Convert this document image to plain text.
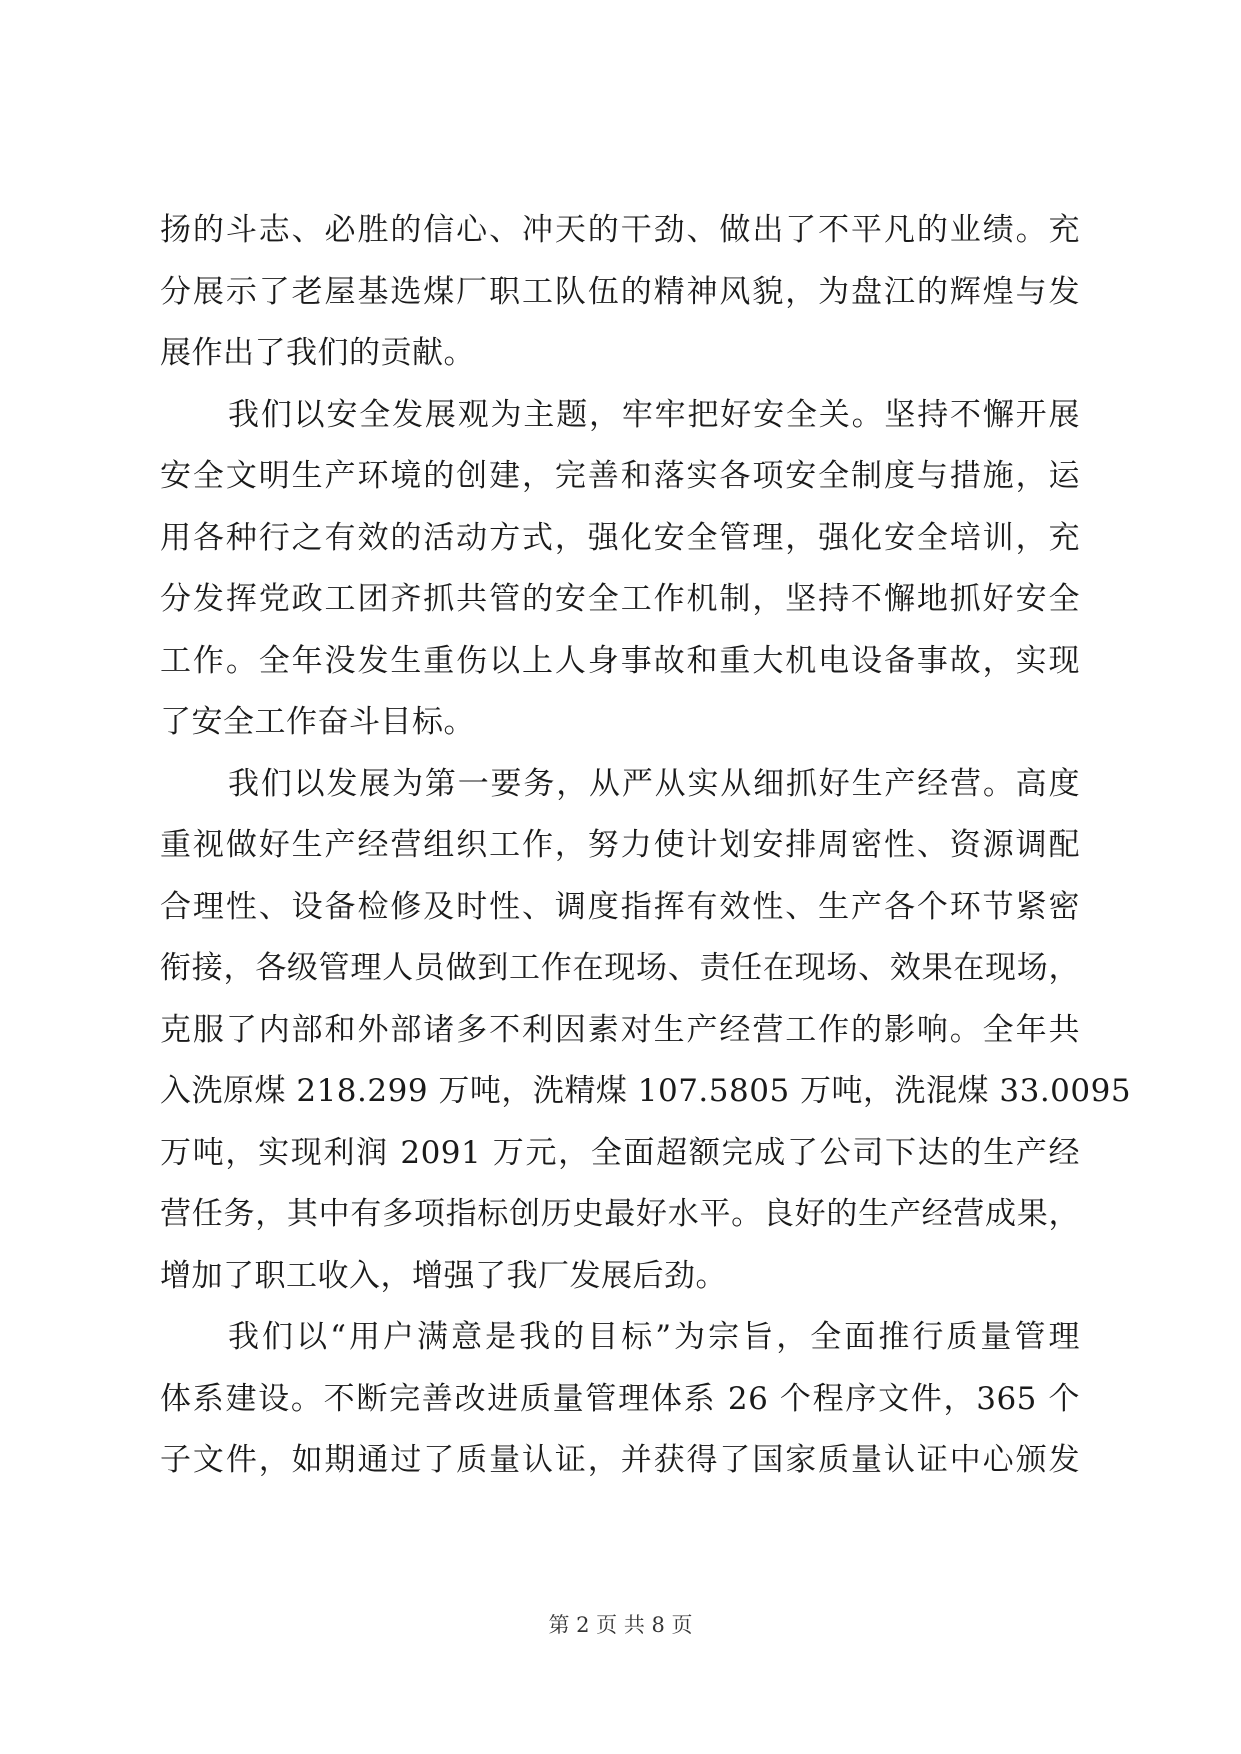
扬的斗志、必胜的信心、冲天的干劲、做出了不平凡的业绩。充
分展示了老屋基选煤厂职工队伍的精神风貌，为盘江的辉煌与发
展作出了我们的贡献。
我们以安全发展观为主题，牢牢把好安全关。坚持不懈开展
安全文明生产环境的创建，完善和落实各项安全制度与措施，运
用各种行之有效的活动方式，强化安全管理，强化安全培训，充
分发挥党政工团齐抓共管的安全工作机制，坚持不懈地抓好安全
工作。全年没发生重伤以上人身事故和重大机电设备事故，实现
了安全工作奋斗目标。
我们以发展为第一要务，从严从实从细抓好生产经营。高度
重视做好生产经营组织工作，努力使计划安排周密性、资源调配
合理性、设备检修及时性、调度指挥有效性、生产各个环节紧密
衔接，各级管理人员做到工作在现场、责任在现场、效果在现场，
克服了内部和外部诸多不利因素对生产经营工作的影响。全年共
入洗原煤 218.299 万吨，洗精煤 107.5805 万吨，洗混煤 33.0095
万吨，实现利润 2091 万元，全面超额完成了公司下达的生产经
营任务，其中有多项指标创历史最好水平。良好的生产经营成果，
增加了职工收入，增强了我厂发展后劲。
我们以“用户满意是我的目标”为宗旨，全面推行质量管理
体系建设。不断完善改进质量管理体系 26 个程序文件，365 个
子文件，如期通过了质量认证，并获得了国家质量认证中心颁发
第 2 页 共 8 页
